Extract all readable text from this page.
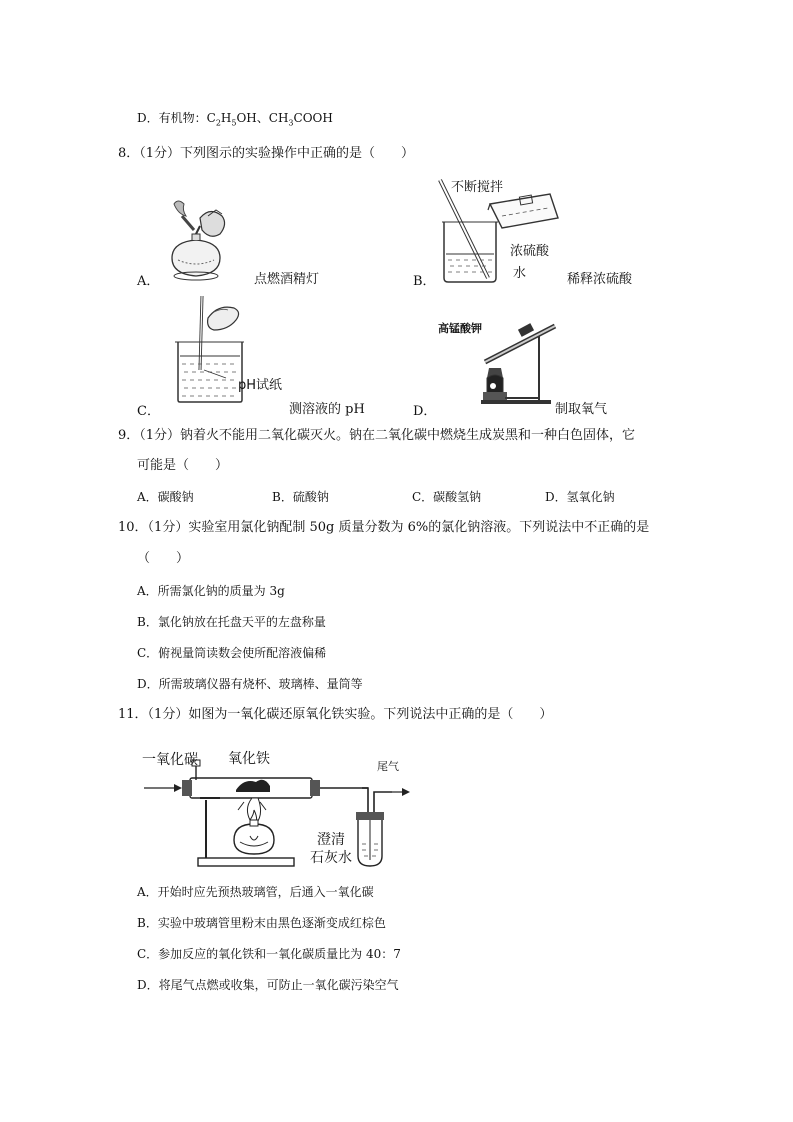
D．有机物：$C_2H_5OH$、$CH_3COOH$
8．（1分）下列图示的实验操作中正确的是（　　）
A．	点燃酒精灯
不断搅拌
浓硫酸
水
B．	稀释浓硫酸
pH试纸
C．	测溶液的 pH
高锰酸钾
D．	制取氧气
9．（1分）钠着火不能用二氧化碳灭火。钠在二氧化碳中燃烧生成炭黑和一种白色固体，它
可能是（　　）
A．碳酸钠	B．硫酸钠	C．碳酸氢钠	D．氢氧化钠
10．（1分）实验室用氯化钠配制 50g 质量分数为 6%的氯化钠溶液。下列说法中不正确的是
（　　）
A．所需氯化钠的质量为 3g
B．氯化钠放在托盘天平的左盘称量
C．俯视量筒读数会使所配溶液偏稀
D．所需玻璃仪器有烧杯、玻璃棒、量筒等
11．（1分）如图为一氧化碳还原氧化铁实验。下列说法中正确的是（　　）
一氧化碳 氧化铁	尾气
澄清
石灰水
A．开始时应先预热玻璃管，后通入一氧化碳
B．实验中玻璃管里粉末由黑色逐渐变成红棕色
C．参加反应的氧化铁和一氧化碳质量比为 40：7
D．将尾气点燃或收集，可防止一氧化碳污染空气
